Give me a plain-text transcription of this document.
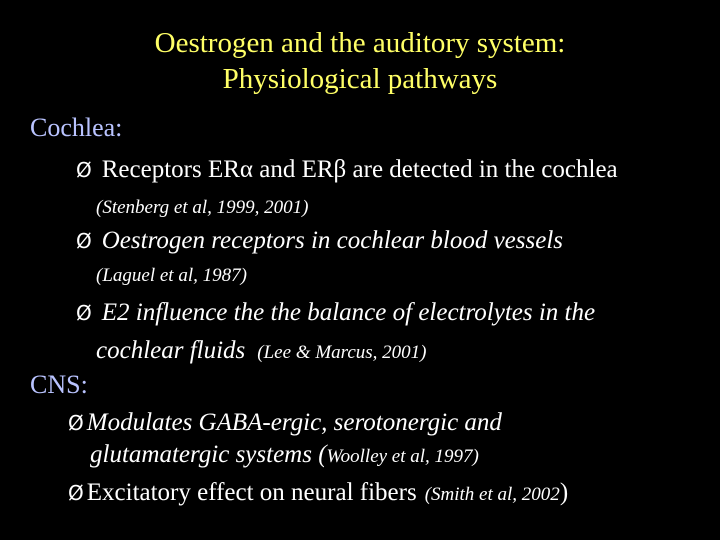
Oestrogen and the auditory system:
Physiological pathways
Cochlea:
Ø Receptors ERα and ERβ are detected in the cochlea
(Stenberg et al, 1999, 2001)
Ø Oestrogen receptors in cochlear blood vessels
(Laguel et al, 1987)
Ø E2 influence the the balance of electrolytes in the
cochlear fluids (Lee & Marcus, 2001)
CNS:
Ø Modulates GABA-ergic, serotonergic and
glutamatergic systems (Woolley et al, 1997)
Ø Excitatory effect on neural fibers (Smith et al, 2002)
